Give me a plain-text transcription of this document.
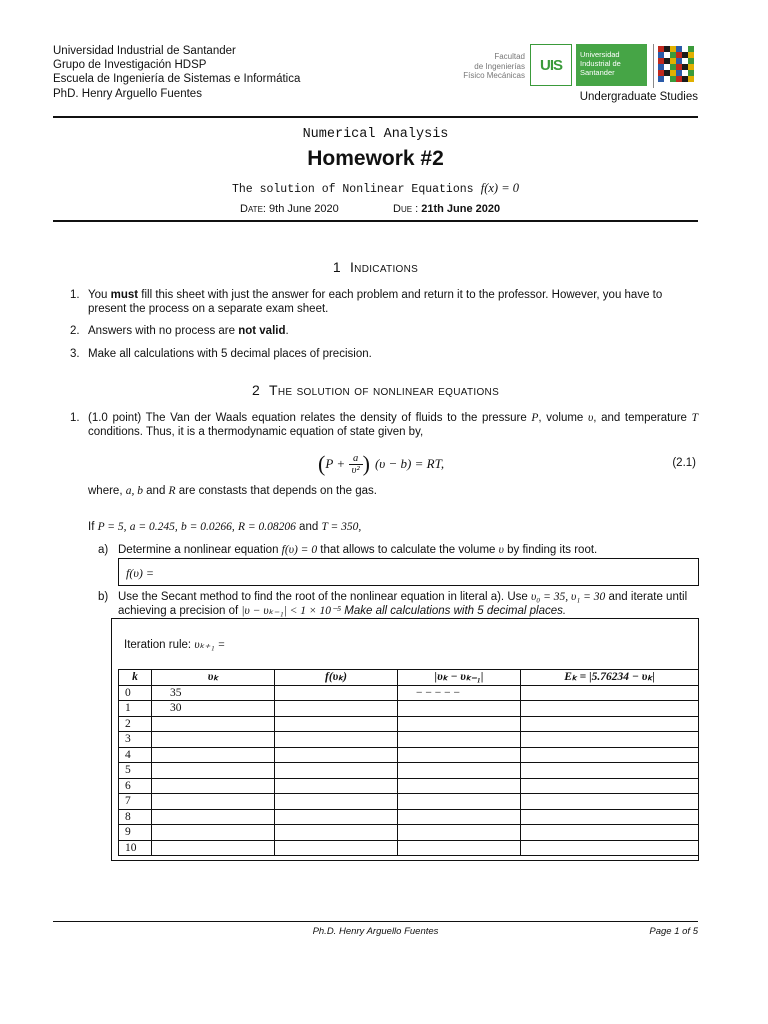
Universidad Industrial de Santander
Grupo de Investigación HDSP
Escuela de Ingeniería de Sistemas e Informática
PhD. Henry Arguello Fuentes
Facultad
de Ingenierías
Físico Mecánicas
UIS
Universidad
Industrial de
Santander
Undergraduate Studies
Numerical Analysis
Homework #2
The solution of Nonlinear Equations f(x) = 0
Date: 9th June 2020	Due : 21th June 2020
1 Indications
1. You must fill this sheet with just the answer for each problem and return it to the professor. However, you have to present the process on a separate exam sheet.
2. Answers with no process are not valid.
3. Make all calculations with 5 decimal places of precision.
2 The solution of nonlinear equations
1. (1.0 point) The Van der Waals equation relates the density of fluids to the pressure P, volume υ, and temperature T conditions. Thus, it is a thermodynamic equation of state given by,
( P + a
υ² ) (υ − b) = RT,	(2.1)
where, a, b and R are constasts that depends on the gas.
If P = 5, a = 0.245, b = 0.0266, R = 0.08206 and T = 350,
a) Determine a nonlinear equation f(υ) = 0 that allows to calculate the volume υ by finding its root.
f(υ) =
b) Use the Secant method to find the root of the nonlinear equation in literal a). Use υ₀ = 35, υ₁ = 30 and iterate until achieving a precision of |υ − υₖ₋₁| < 1 × 10⁻⁵ Make all calculations with 5 decimal places.
Iteration rule: υₖ₊₁ =
k	υₖ	f(υₖ)	|υₖ − υₖ₋₁|	Eₖ = |5.76234 − υₖ|
0	35		− − − − −	
1	30			
2				
3				
4				
5				
6				
7				
8				
9				
10				
Ph.D. Henry Arguello Fuentes	Page 1 of 5
